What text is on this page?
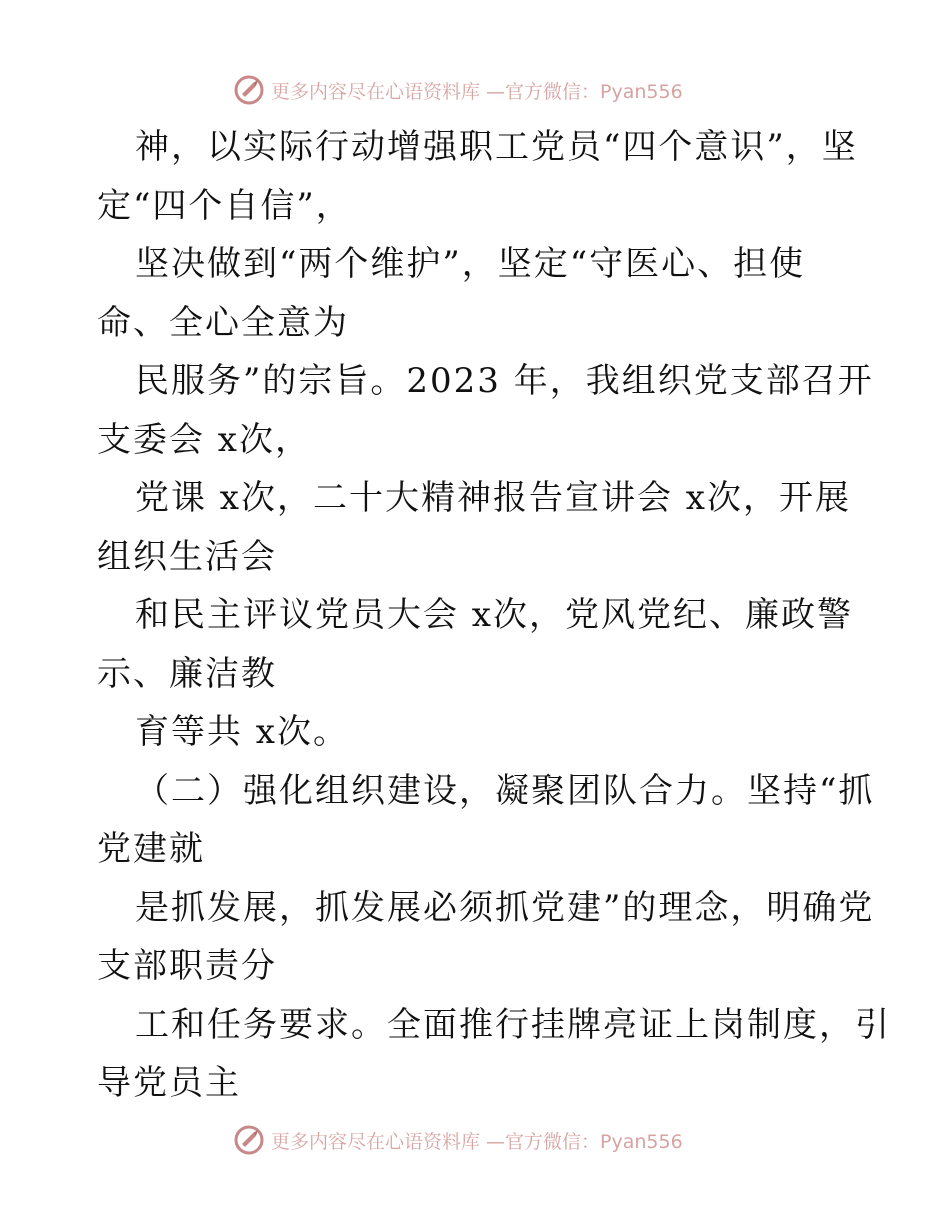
更多内容尽在心语资料库 —官方微信：Pyan556
神，以实际行动增强职工党员“四个意识”，坚
定“四个自信”，
坚决做到“两个维护”，坚定“守医心、担使
命、全心全意为
民服务”的宗旨。2023 年，我组织党支部召开
支委会 x次，
党课 x次，二十大精神报告宣讲会 x次，开展
组织生活会
和民主评议党员大会 x次，党风党纪、廉政警
示、廉洁教
育等共 x次。
（二）强化组织建设，凝聚团队合力。坚持“抓
党建就
是抓发展，抓发展必须抓党建”的理念，明确党
支部职责分
工和任务要求。全面推行挂牌亮证上岗制度，引
导党员主
更多内容尽在心语资料库 —官方微信：Pyan556
